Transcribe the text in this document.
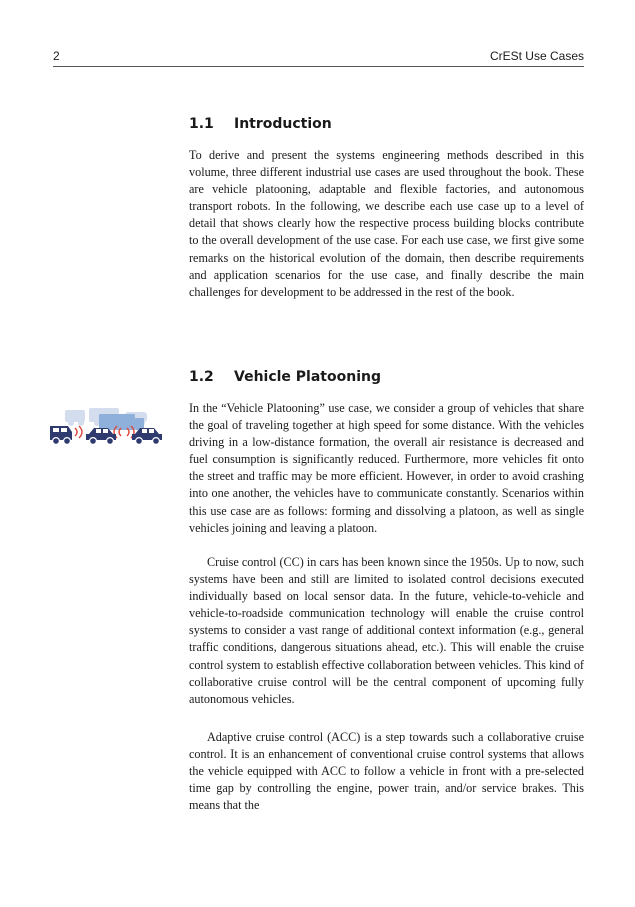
2	CrESt Use Cases
1.1 Introduction

To derive and present the systems engineering methods described in this volume, three different industrial use cases are used throughout the book. These are vehicle platooning, adaptable and flexible factories, and autonomous transport robots. In the following, we describe each use case up to a level of detail that shows clearly how the respective process building blocks contribute to the overall development of the use case. For each use case, we first give some remarks on the historical evolution of the domain, then describe requirements and application scenarios for the use case, and finally describe the main challenges for development to be addressed in the rest of the book.

1.2 Vehicle Platooning

In the “Vehicle Platooning” use case, we consider a group of vehicles that share the goal of traveling together at high speed for some distance. With the vehicles driving in a low-distance formation, the overall air resistance is decreased and fuel consumption is significantly reduced. Furthermore, more vehicles fit onto the street and traffic may be more efficient. However, in order to avoid crashing into one another, the vehicles have to communicate constantly. Scenarios within this use case are as follows: forming and dissolving a platoon, as well as single vehicles joining and leaving a platoon.

Cruise control (CC) in cars has been known since the 1950s. Up to now, such systems have been and still are limited to isolated control decisions executed individually based on local sensor data. In the future, vehicle-to-vehicle and vehicle-to-roadside communication technology will enable the cruise control systems to consider a vast range of additional context information (e.g., general traffic conditions, dangerous situations ahead, etc.). This will enable the cruise control system to establish effective collaboration between vehicles. This kind of collaborative cruise control will be the central component of upcoming fully autonomous vehicles.

Adaptive cruise control (ACC) is a step towards such a collaborative cruise control. It is an enhancement of conventional cruise control systems that allows the vehicle equipped with ACC to follow a vehicle in front with a pre-selected time gap by controlling the engine, power train, and/or service brakes. This means that the
